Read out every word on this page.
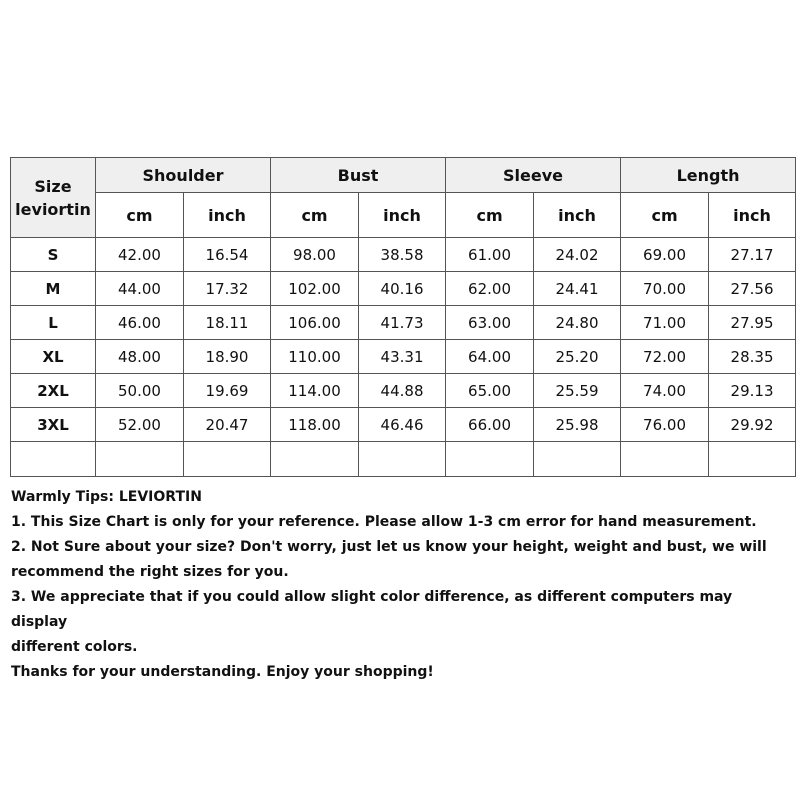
Size
leviortin	Shoulder		Bust		Sleeve		Length	
	cm	inch	cm	inch	cm	inch	cm	inch
S	42.00	16.54	98.00	38.58	61.00	24.02	69.00	27.17
M	44.00	17.32	102.00	40.16	62.00	24.41	70.00	27.56
L	46.00	18.11	106.00	41.73	63.00	24.80	71.00	27.95
XL	48.00	18.90	110.00	43.31	64.00	25.20	72.00	28.35
2XL	50.00	19.69	114.00	44.88	65.00	25.59	74.00	29.13
3XL	52.00	20.47	118.00	46.46	66.00	25.98	76.00	29.92

Warmly Tips: LEVIORTIN

1. This Size Chart is only for your reference. Please allow 1-3 cm error for hand measurement.

2. Not Sure about your size? Don't worry, just let us know your height, weight and bust, we will

recommend the right sizes for you.

3. We appreciate that if you could allow slight color difference, as different computers may display

different colors.

Thanks for your understanding. Enjoy your shopping!
